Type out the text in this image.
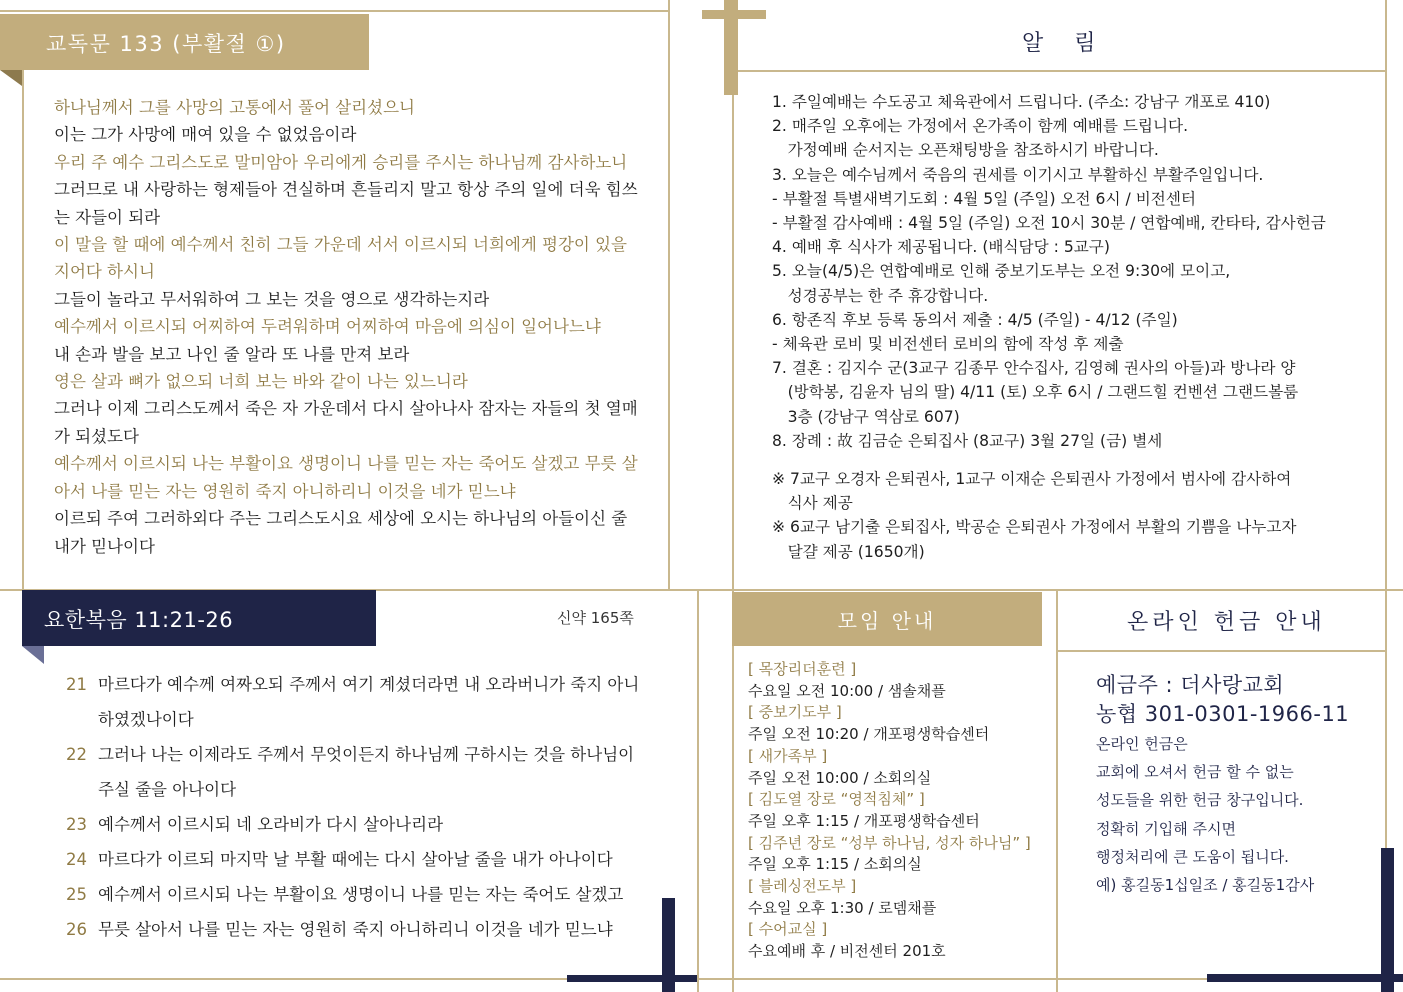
교독문 133 (부활절 ①)
하나님께서 그를 사망의 고통에서 풀어 살리셨으니
이는 그가 사망에 매여 있을 수 없었음이라
우리 주 예수 그리스도로 말미암아 우리에게 승리를 주시는 하나님께 감사하노니
그러므로 내 사랑하는 형제들아 견실하며 흔들리지 말고 항상 주의 일에 더욱 힘쓰
는 자들이 되라
이 말을 할 때에 예수께서 친히 그들 가운데 서서 이르시되 너희에게 평강이 있을
지어다 하시니
그들이 놀라고 무서워하여 그 보는 것을 영으로 생각하는지라
예수께서 이르시되 어찌하여 두려워하며 어찌하여 마음에 의심이 일어나느냐
내 손과 발을 보고 나인 줄 알라 또 나를 만져 보라
영은 살과 뼈가 없으되 너희 보는 바와 같이 나는 있느니라
그러나 이제 그리스도께서 죽은 자 가운데서 다시 살아나사 잠자는 자들의 첫 열매
가 되셨도다
예수께서 이르시되 나는 부활이요 생명이니 나를 믿는 자는 죽어도 살겠고 무릇 살
아서 나를 믿는 자는 영원히 죽지 아니하리니 이것을 네가 믿느냐
이르되 주여 그러하외다 주는 그리스도시요 세상에 오시는 하나님의 아들이신 줄
내가 믿나이다
요한복음 11:21-26	신약 165쪽
21 마르다가 예수께 여짜오되 주께서 여기 계셨더라면 내 오라버니가 죽지 아니
하였겠나이다
22 그러나 나는 이제라도 주께서 무엇이든지 하나님께 구하시는 것을 하나님이
주실 줄을 아나이다
23 예수께서 이르시되 네 오라비가 다시 살아나리라
24 마르다가 이르되 마지막 날 부활 때에는 다시 살아날 줄을 내가 아나이다
25 예수께서 이르시되 나는 부활이요 생명이니 나를 믿는 자는 죽어도 살겠고
26 무릇 살아서 나를 믿는 자는 영원히 죽지 아니하리니 이것을 네가 믿느냐
알 림
1. 주일예배는 수도공고 체육관에서 드립니다. (주소: 강남구 개포로 410)
2. 매주일 오후에는 가정에서 온가족이 함께 예배를 드립니다.
　가정예배 순서지는 오픈채팅방을 참조하시기 바랍니다.
3. 오늘은 예수님께서 죽음의 권세를 이기시고 부활하신 부활주일입니다.
- 부활절 특별새벽기도회 : 4월 5일 (주일) 오전 6시 / 비전센터
- 부활절 감사예배 : 4월 5일 (주일) 오전 10시 30분 / 연합예배, 칸타타, 감사헌금
4. 예배 후 식사가 제공됩니다. (배식담당 : 5교구)
5. 오늘(4/5)은 연합예배로 인해 중보기도부는 오전 9:30에 모이고,
　성경공부는 한 주 휴강합니다.
6. 항존직 후보 등록 동의서 제출 : 4/5 (주일) - 4/12 (주일)
- 체육관 로비 및 비전센터 로비의 함에 작성 후 제출
7. 결혼 : 김지수 군(3교구 김종무 안수집사, 김영혜 권사의 아들)과 방나라 양
　(방학봉, 김윤자 님의 딸) 4/11 (토) 오후 6시 / 그랜드힐 컨벤션 그랜드볼룸
　3층 (강남구 역삼로 607)
8. 장례 : 故 김금순 은퇴집사 (8교구) 3월 27일 (금) 별세
※ 7교구 오경자 은퇴권사, 1교구 이재순 은퇴권사 가정에서 범사에 감사하여
　식사 제공
※ 6교구 남기출 은퇴집사, 박공순 은퇴권사 가정에서 부활의 기쁨을 나누고자
　달걀 제공 (1650개)
모임 안내
[ 목장리더훈련 ]
수요일 오전 10:00 / 샘솔채플
[ 중보기도부 ]
주일 오전 10:20 / 개포평생학습센터
[ 새가족부 ]
주일 오전 10:00 / 소회의실
[ 김도열 장로 “영적침체” ]
주일 오후 1:15 / 개포평생학습센터
[ 김주년 장로 “성부 하나님, 성자 하나님” ]
주일 오후 1:15 / 소회의실
[ 블레싱전도부 ]
수요일 오후 1:30 / 로뎀채플
[ 수어교실 ]
수요예배 후 / 비전센터 201호
온라인 헌금 안내
예금주 : 더사랑교회
농협 301-0301-1966-11
온라인 헌금은
교회에 오셔서 헌금 할 수 없는
성도들을 위한 헌금 창구입니다.
정확히 기입해 주시면
행정처리에 큰 도움이 됩니다.
예) 홍길동1십일조 / 홍길동1감사
